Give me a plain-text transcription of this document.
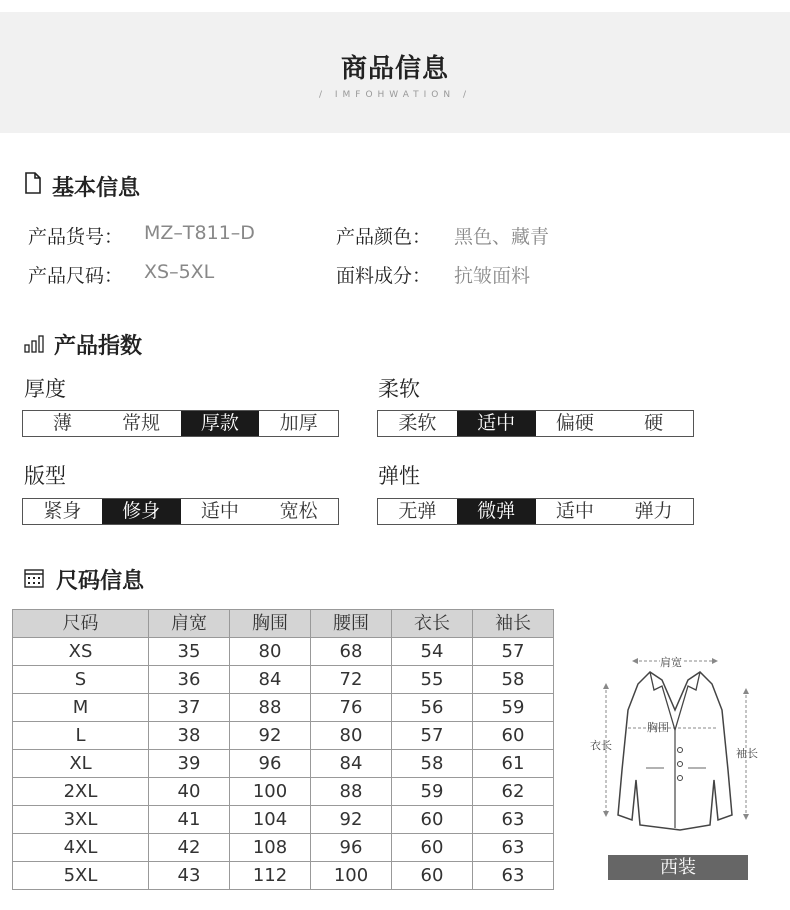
商品信息
/ IMFOHWATION /
基本信息
产品货号： MZ–T811–D	产品颜色： 黑色、藏青
产品尺码： XS–5XL	面料成分： 抗皱面料
产品指数
厚度
薄	常规	厚款	加厚
柔软
柔软	适中	偏硬	硬
版型
紧身	修身	适中	宽松
弹性
无弹	微弹	适中	弹力
尺码信息
尺码	肩宽	胸围	腰围	衣长	袖长
XS	35	80	68	54	57
S	36	84	72	55	58
M	37	88	76	56	59
L	38	92	80	57	60
XL	39	96	84	58	61
2XL	40	100	88	59	62
3XL	41	104	92	60	63
4XL	42	108	96	60	63
5XL	43	112	100	60	63
肩宽
胸围
衣长
袖长
西装
